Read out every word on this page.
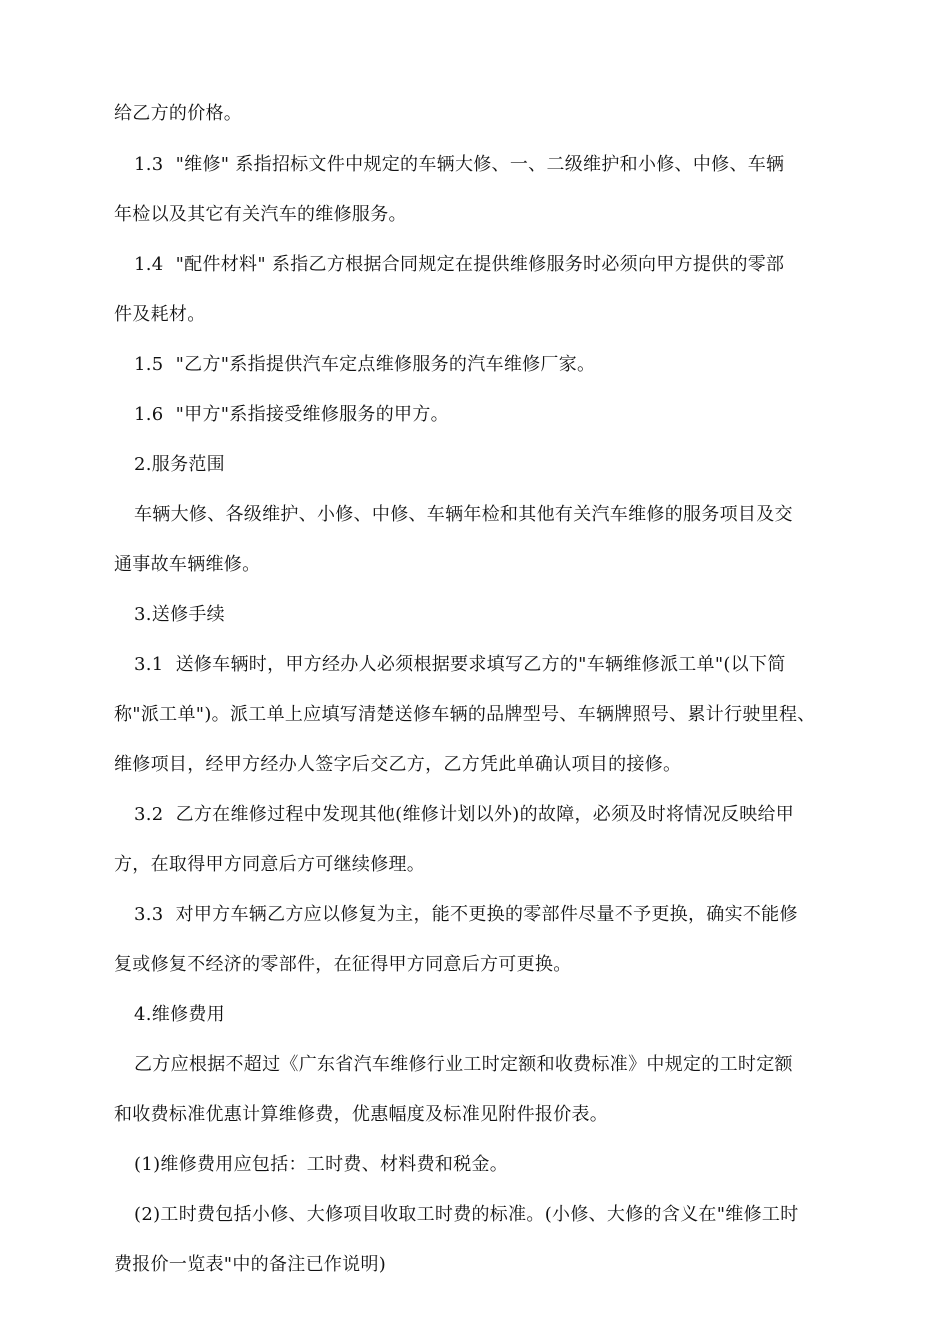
给乙方的价格。
1.3  "维修" 系指招标文件中规定的车辆大修、一、二级维护和小修、中修、车辆
年检以及其它有关汽车的维修服务。
1.4  "配件材料" 系指乙方根据合同规定在提供维修服务时必须向甲方提供的零部
件及耗材。
1.5  "乙方"系指提供汽车定点维修服务的汽车维修厂家。
1.6  "甲方"系指接受维修服务的甲方。
2.服务范围
车辆大修、各级维护、小修、中修、车辆年检和其他有关汽车维修的服务项目及交
通事故车辆维修。
3.送修手续
3.1  送修车辆时，甲方经办人必须根据要求填写乙方的"车辆维修派工单"(以下简
称"派工单")。派工单上应填写清楚送修车辆的品牌型号、车辆牌照号、累计行驶里程、
维修项目，经甲方经办人签字后交乙方，乙方凭此单确认项目的接修。
3.2  乙方在维修过程中发现其他(维修计划以外)的故障，必须及时将情况反映给甲
方，在取得甲方同意后方可继续修理。
3.3  对甲方车辆乙方应以修复为主，能不更换的零部件尽量不予更换，确实不能修
复或修复不经济的零部件，在征得甲方同意后方可更换。
4.维修费用
乙方应根据不超过《广东省汽车维修行业工时定额和收费标准》中规定的工时定额
和收费标准优惠计算维修费，优惠幅度及标准见附件报价表。
(1)维修费用应包括：工时费、材料费和税金。
(2)工时费包括小修、大修项目收取工时费的标准。(小修、大修的含义在"维修工时
费报价一览表"中的备注已作说明)
